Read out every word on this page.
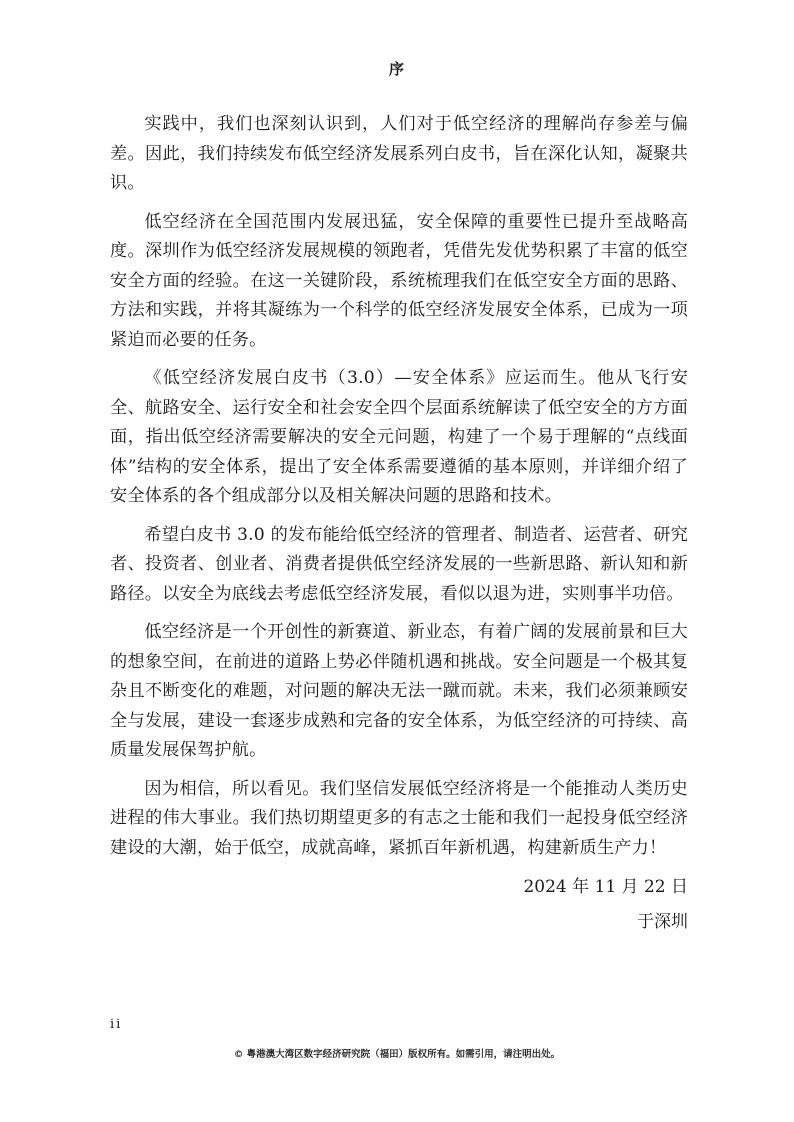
序

实践中，我们也深刻认识到，人们对于低空经济的理解尚存参差与偏差。因此，我们持续发布低空经济发展系列白皮书，旨在深化认知，凝聚共识。

低空经济在全国范围内发展迅猛，安全保障的重要性已提升至战略高度。深圳作为低空经济发展规模的领跑者，凭借先发优势积累了丰富的低空安全方面的经验。在这一关键阶段，系统梳理我们在低空安全方面的思路、方法和实践，并将其凝练为一个科学的低空经济发展安全体系，已成为一项紧迫而必要的任务。

《低空经济发展白皮书（3.0）—安全体系》应运而生。他从飞行安全、航路安全、运行安全和社会安全四个层面系统解读了低空安全的方方面面，指出低空经济需要解决的安全元问题，构建了一个易于理解的“点线面体”结构的安全体系，提出了安全体系需要遵循的基本原则，并详细介绍了安全体系的各个组成部分以及相关解决问题的思路和技术。

希望白皮书 3.0 的发布能给低空经济的管理者、制造者、运营者、研究者、投资者、创业者、消费者提供低空经济发展的一些新思路、新认知和新路径。以安全为底线去考虑低空经济发展，看似以退为进，实则事半功倍。

低空经济是一个开创性的新赛道、新业态，有着广阔的发展前景和巨大的想象空间，在前进的道路上势必伴随机遇和挑战。安全问题是一个极其复杂且不断变化的难题，对问题的解决无法一蹴而就。未来，我们必须兼顾安全与发展，建设一套逐步成熟和完备的安全体系，为低空经济的可持续、高质量发展保驾护航。

因为相信，所以看见。我们坚信发展低空经济将是一个能推动人类历史进程的伟大事业。我们热切期望更多的有志之士能和我们一起投身低空经济建设的大潮，始于低空，成就高峰，紧抓百年新机遇，构建新质生产力！

2024 年 11 月 22 日
于深圳
ii
© 粤港澳大湾区数字经济研究院（福田）版权所有。如需引用，请注明出处。
